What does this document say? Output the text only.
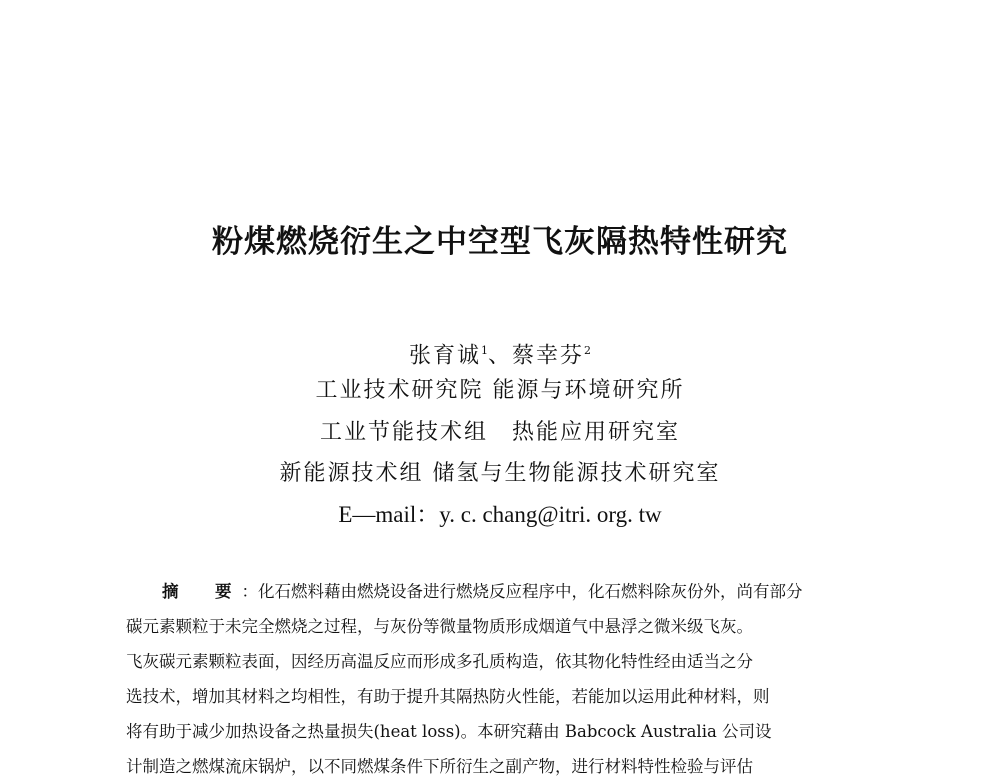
粉煤燃烧衍生之中空型飞灰隔热特性研究
张育诚$^1$、蔡幸芬$^2$
工业技术研究院 能源与环境研究所
工业节能技术组　热能应用研究室
新能源技术组 储氢与生物能源技术研究室
E—mail：y. c. chang@itri. org. tw
摘　要：化石燃料藉由燃烧设备进行燃烧反应程序中，化石燃料除灰份外，尚有部分
碳元素颗粒于未完全燃烧之过程，与灰份等微量物质形成烟道气中悬浮之微米级飞灰。
飞灰碳元素颗粒表面，因经历高温反应而形成多孔质构造，依其物化特性经由适当之分
选技术，增加其材料之均相性，有助于提升其隔热防火性能，若能加以运用此种材料，则
将有助于减少加热设备之热量损失(heat loss)。本研究藉由 Babcock Australia 公司设
计制造之燃煤流床锅炉，以不同燃煤条件下所衍生之副产物，进行材料特性检验与评估
